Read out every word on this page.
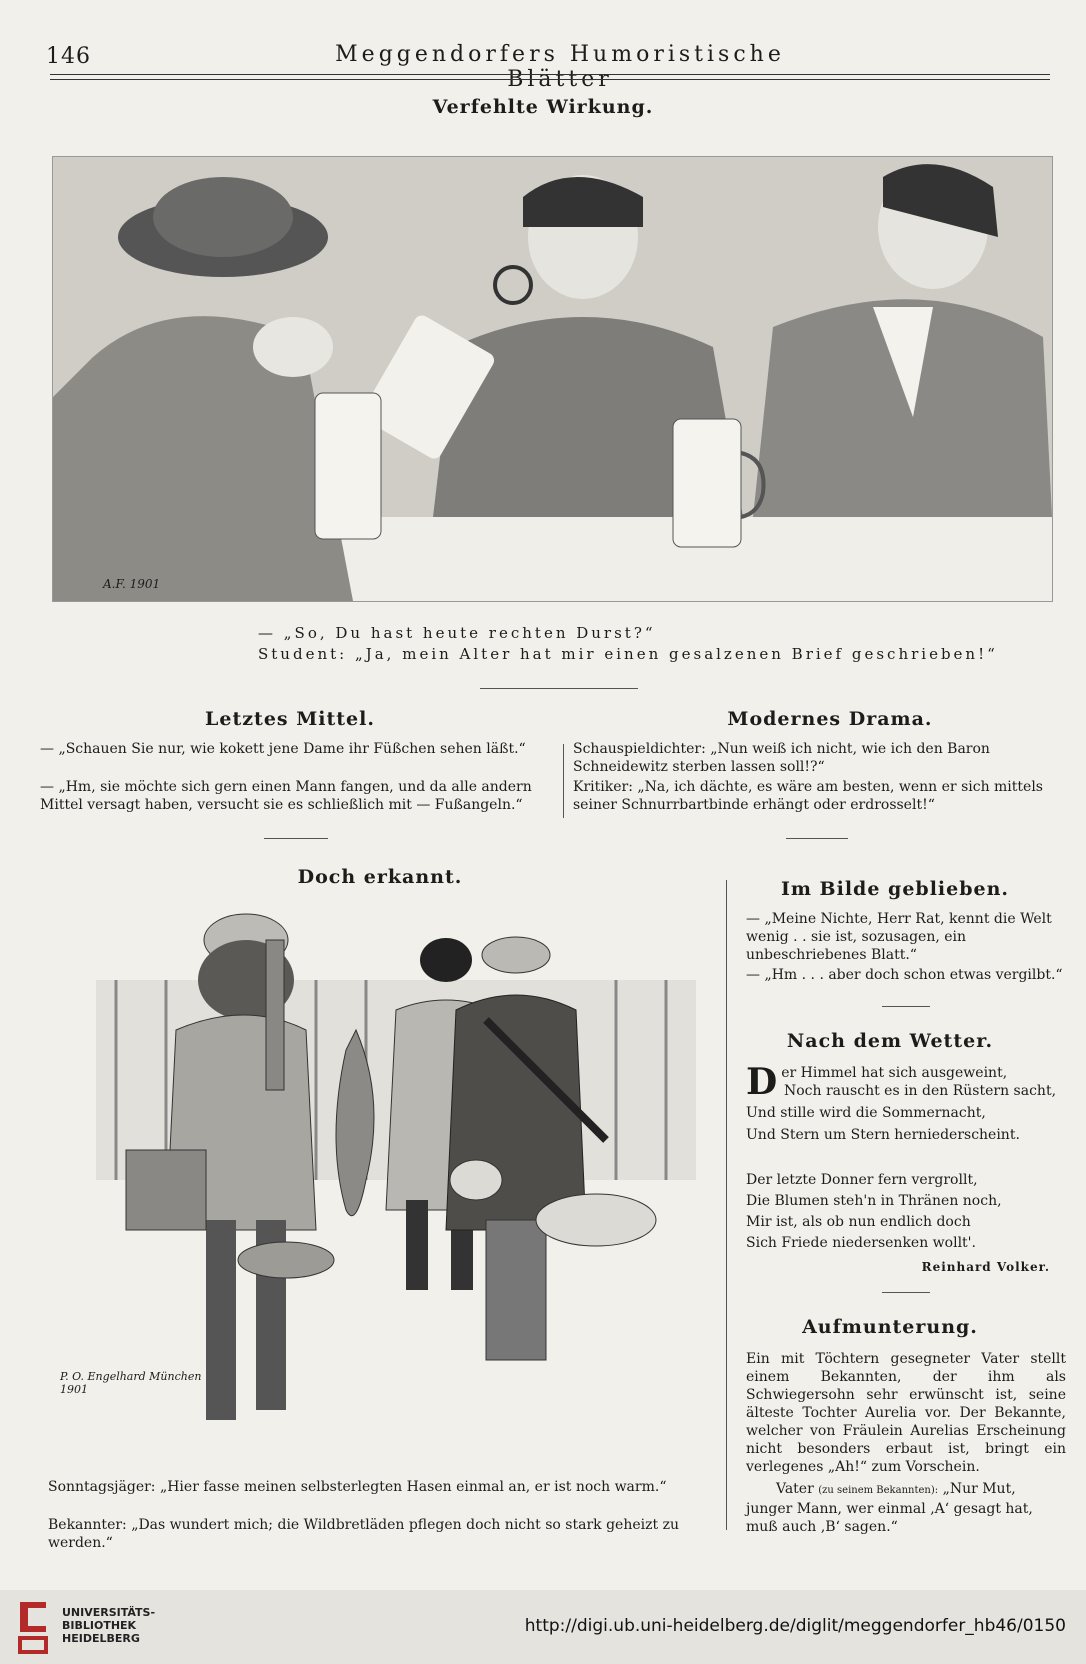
146	Meggendorfers Humoristische Blätter
Verfehlte Wirkung.
A.F. 1901
— „So, Du hast heute rechten Durst?“
Student: „Ja, mein Alter hat mir einen gesalzenen Brief geschrieben!“
Letztes Mittel.
— „Schauen Sie nur, wie kokett jene Dame ihr Füßchen sehen läßt.“
— „Hm, sie möchte sich gern einen Mann fangen, und da alle andern Mittel versagt haben, versucht sie es schließlich mit — Fußangeln.“
Modernes Drama.
Schauspieldichter: „Nun weiß ich nicht, wie ich den Baron Schneidewitz sterben lassen soll!?“
Kritiker: „Na, ich dächte, es wäre am besten, wenn er sich mittels seiner Schnurrbartbinde erhängt oder erdrosselt!“
Doch erkannt.
P. O. Engelhard München 1901
Sonntagsjäger: „Hier fasse meinen selbsterlegten Hasen einmal an, er ist noch warm.“
Bekannter: „Das wundert mich; die Wildbretläden pflegen doch nicht so stark geheizt zu werden.“
Im Bilde geblieben.
— „Meine Nichte, Herr Rat, kennt die Welt wenig . . sie ist, sozusagen, ein unbeschriebenes Blatt.“
— „Hm . . . aber doch schon etwas vergilbt.“
Nach dem Wetter.
D er Himmel hat sich ausgeweint,
Noch rauscht es in den Rüstern sacht,
Und stille wird die Sommernacht,
Und Stern um Stern herniederscheint.
Der letzte Donner fern vergrollt,
Die Blumen steh'n in Thränen noch,
Mir ist, als ob nun endlich doch
Sich Friede niedersenken wollt'.
Reinhard Volker.
Aufmunterung.
Ein mit Töchtern gesegneter Vater stellt einem Bekannten, der ihm als Schwiegersohn sehr erwünscht ist, seine älteste Tochter Aurelia vor. Der Bekannte, welcher von Fräulein Aurelias Erscheinung nicht besonders erbaut ist, bringt ein verlegenes „Ah!“ zum Vorschein.
Vater (zu seinem Bekannten): „Nur Mut, junger Mann, wer einmal ‚A‘ gesagt hat, muß auch ‚B‘ sagen.“
UNIVERSITÄTS-
BIBLIOTHEK
HEIDELBERG
http://digi.ub.uni-heidelberg.de/diglit/meggendorfer_hb46/0150
